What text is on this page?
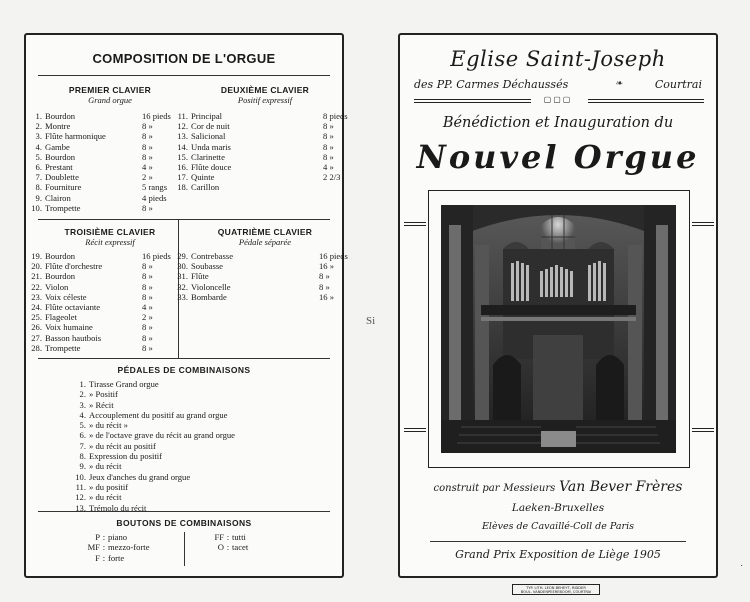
COMPOSITION DE L'ORGUE
PREMIER CLAVIER
Grand orgue
DEUXIÈME CLAVIER
Positif expressif
1. Bourdon	16 pieds
2. Montre	8 »
3. Flûte harmonique	8 »
4. Gambe	8 »
5. Bourdon	8 »
6. Prestant	4 »
7. Doublette	2 »
8. Fourniture	5 rangs
9. Clairon	4 pieds
10. Trompette	8 »
11. Principal	8 pieds
12. Cor de nuit	8 »
13. Salicional	8 »
14. Unda maris	8 »
15. Clarinette	8 »
16. Flûte douce	4 »
17. Quinte	2 2/3
18. Carillon
TROISIÈME CLAVIER
Récit expressif
QUATRIÈME CLAVIER
Pédale séparée
19. Bourdon	16 pieds
20. Flûte d'orchestre	8 »
21. Bourdon	8 »
22. Violon	8 »
23. Voix céleste	8 »
24. Flûte octaviante	4 »
25. Flageolet	2 »
26. Voix humaine	8 »
27. Basson hautbois	8 »
28. Trompette	8 »
29. Contrebasse	16 pieds
30. Soubasse	16 »
31. Flûte	8 »
32. Violoncelle	8 »
33. Bombarde	16 »
PÉDALES DE COMBINAISONS
1. Tirasse Grand orgue
2. » Positif
3. » Récit
4. Accouplement du positif au grand orgue
5. » du récit »
6. » de l'octave grave du récit au grand orgue
7. » du récit au positif
8. Expression du positif
9. » du récit
10. Jeux d'anches du grand orgue
11. » du positif
12. » du récit
13. Trémolo du récit
BOUTONS DE COMBINAISONS
P : piano
MF : mezzo-forte
F : forte
FF : tutti
O : tacet
Si
Eglise Saint-Joseph
des PP. Carmes Déchaussés	❧	Courtrai
▢▢▢
Bénédiction et Inauguration du
Nouvel Orgue
construit par Messieurs Van Bever Frères
Laeken-Bruxelles
Elèves de Cavaillé-Coll de Paris
Grand Prix Exposition de Liège 1905
TYP. LITH. LEON BEHEYT, RIDDER
BOUL. VANDENPEEREBOOM, COURTRAI
·
